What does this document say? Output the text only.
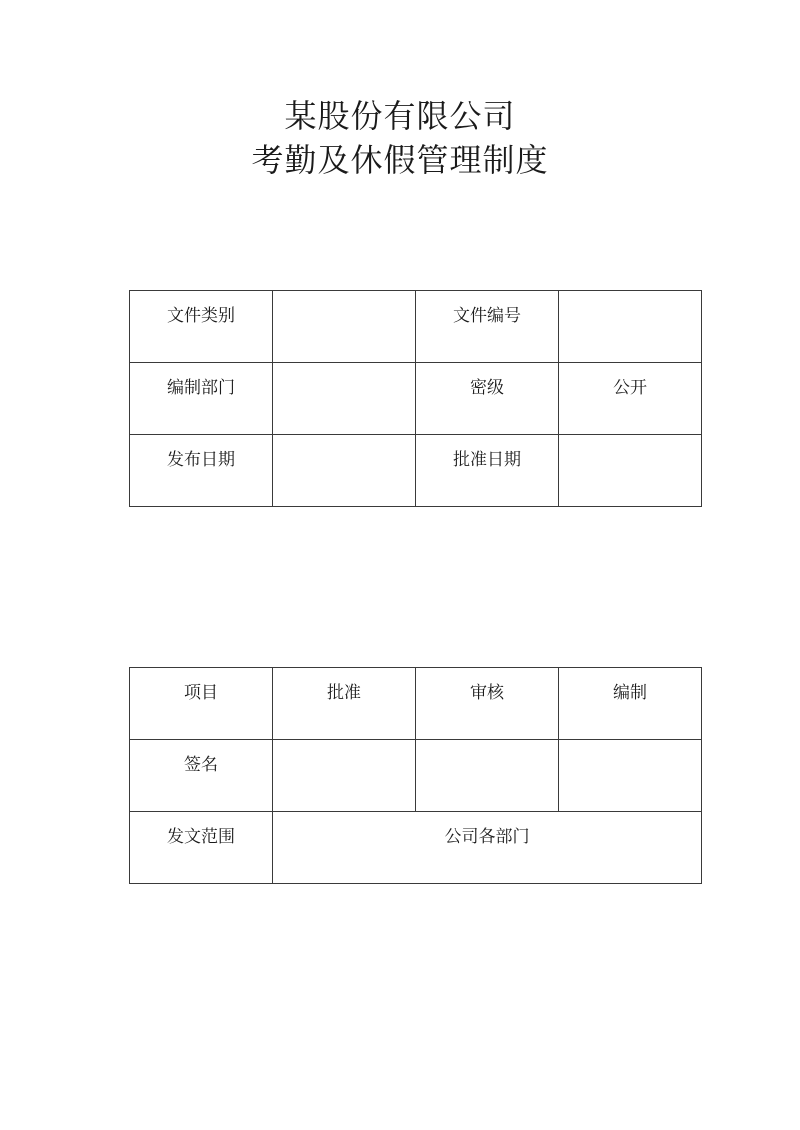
某股份有限公司
考勤及休假管理制度
文件类别		文件编号	

编制部门		密级	公开

发布日期		批准日期	

项目	批准	审核	编制

签名			

发文范围	公司各部门		
